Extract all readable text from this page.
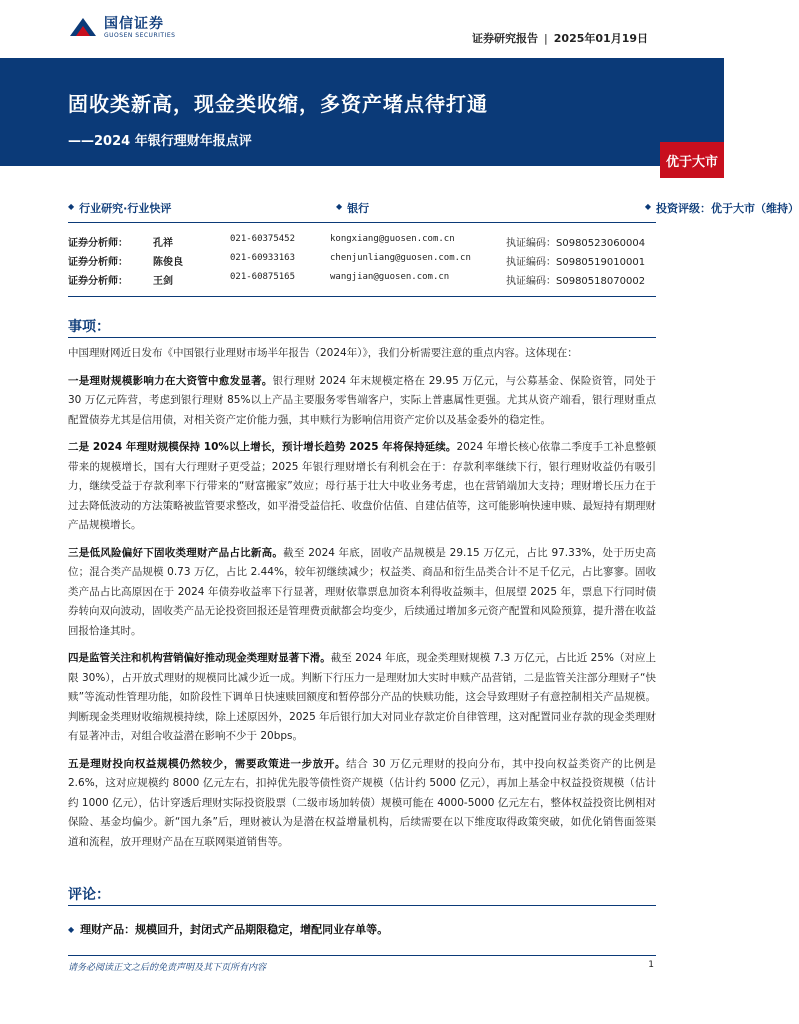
国信证券
GUOSEN SECURITIES	证券研究报告 | 2025年01月19日
固收类新高，现金类收缩，多资产堵点待打通
——2024 年银行理财年报点评
优于大市
◆ 行业研究·行业快评	◆ 银行	◆ 投资评级：优于大市（维持）
证券分析师：	孔祥	021-60375452	kongxiang@guosen.com.cn	执证编码：S0980523060004
证券分析师：	陈俊良	021-60933163	chenjunliang@guosen.com.cn	执证编码：S0980519010001
证券分析师：	王剑	021-60875165	wangjian@guosen.com.cn	执证编码：S0980518070002
事项：

中国理财网近日发布《中国银行业理财市场半年报告（2024年）》，我们分析需要注意的重点内容。这体现在：

一是理财规模影响力在大资管中愈发显著。银行理财 2024 年末规模定格在 29.95 万亿元，与公募基金、保险资管，同处于 30 万亿元阵营，考虑到银行理财 85%以上产品主要服务零售端客户，实际上普惠属性更强。尤其从资产端看，银行理财重点配置债券尤其是信用债，对相关资产定价能力强，其申赎行为影响信用资产定价以及基金委外的稳定性。

二是 2024 年理财规模保持 10%以上增长，预计增长趋势 2025 年将保持延续。2024 年增长核心依靠二季度手工补息整顿带来的规模增长，国有大行理财子更受益；2025 年银行理财增长有利机会在于：存款利率继续下行，银行理财收益仍有吸引力，继续受益于存款利率下行带来的“财富搬家”效应；母行基于壮大中收业务考虑，也在营销端加大支持；理财增长压力在于过去降低波动的方法策略被监管要求整改，如平滑受益信托、收盘价估值、自建估值等，这可能影响快速申赎、最短持有期理财产品规模增长。

三是低风险偏好下固收类理财产品占比新高。截至 2024 年底，固收产品规模是 29.15 万亿元，占比 97.33%，处于历史高位；混合类产品规模 0.73 万亿，占比 2.44%，较年初继续减少；权益类、商品和衍生品类合计不足千亿元，占比寥寥。固收类产品占比高原因在于 2024 年债券收益率下行显著，理财依靠票息加资本利得收益频丰，但展望 2025 年，票息下行同时债券转向双向波动，固收类产品无论投资回报还是管理费贡献都会均变少，后续通过增加多元资产配置和风险预算，提升潜在收益回报恰逢其时。

四是监管关注和机构营销偏好推动现金类理财显著下滑。截至 2024 年底，现金类理财规模 7.3 万亿元，占比近 25%（对应上限 30%），占开放式理财的规模同比减少近一成。判断下行压力一是理财加大实时申赎产品营销，二是监管关注部分理财子“快赎”等流动性管理功能，如阶段性下调单日快速赎回额度和暂停部分产品的快赎功能，这会导致理财子有意控制相关产品规模。判断现金类理财收缩规模持续，除上述原因外，2025 年后银行加大对同业存款定价自律管理，这对配置同业存款的现金类理财有显著冲击，对组合收益潜在影响不少于 20bps。

五是理财投向权益规模仍然较少，需要政策进一步放开。结合 30 万亿元理财的投向分布，其中投向权益类资产的比例是 2.6%，这对应规模约 8000 亿元左右，扣掉优先股等债性资产规模（估计约 5000 亿元），再加上基金中权益投资规模（估计约 1000 亿元），估计穿透后理财实际投资股票（二级市场加转债）规模可能在 4000-5000 亿元左右，整体权益投资比例相对保险、基金均偏少。新“国九条”后，理财被认为是潜在权益增量机构，后续需要在以下维度取得政策突破，如优化销售面签渠道和流程，放开理财产品在互联网渠道销售等。

评论：
◆ 理财产品：规模回升，封闭式产品期限稳定，增配同业存单等。
请务必阅读正文之后的免责声明及其下页所有内容	1
